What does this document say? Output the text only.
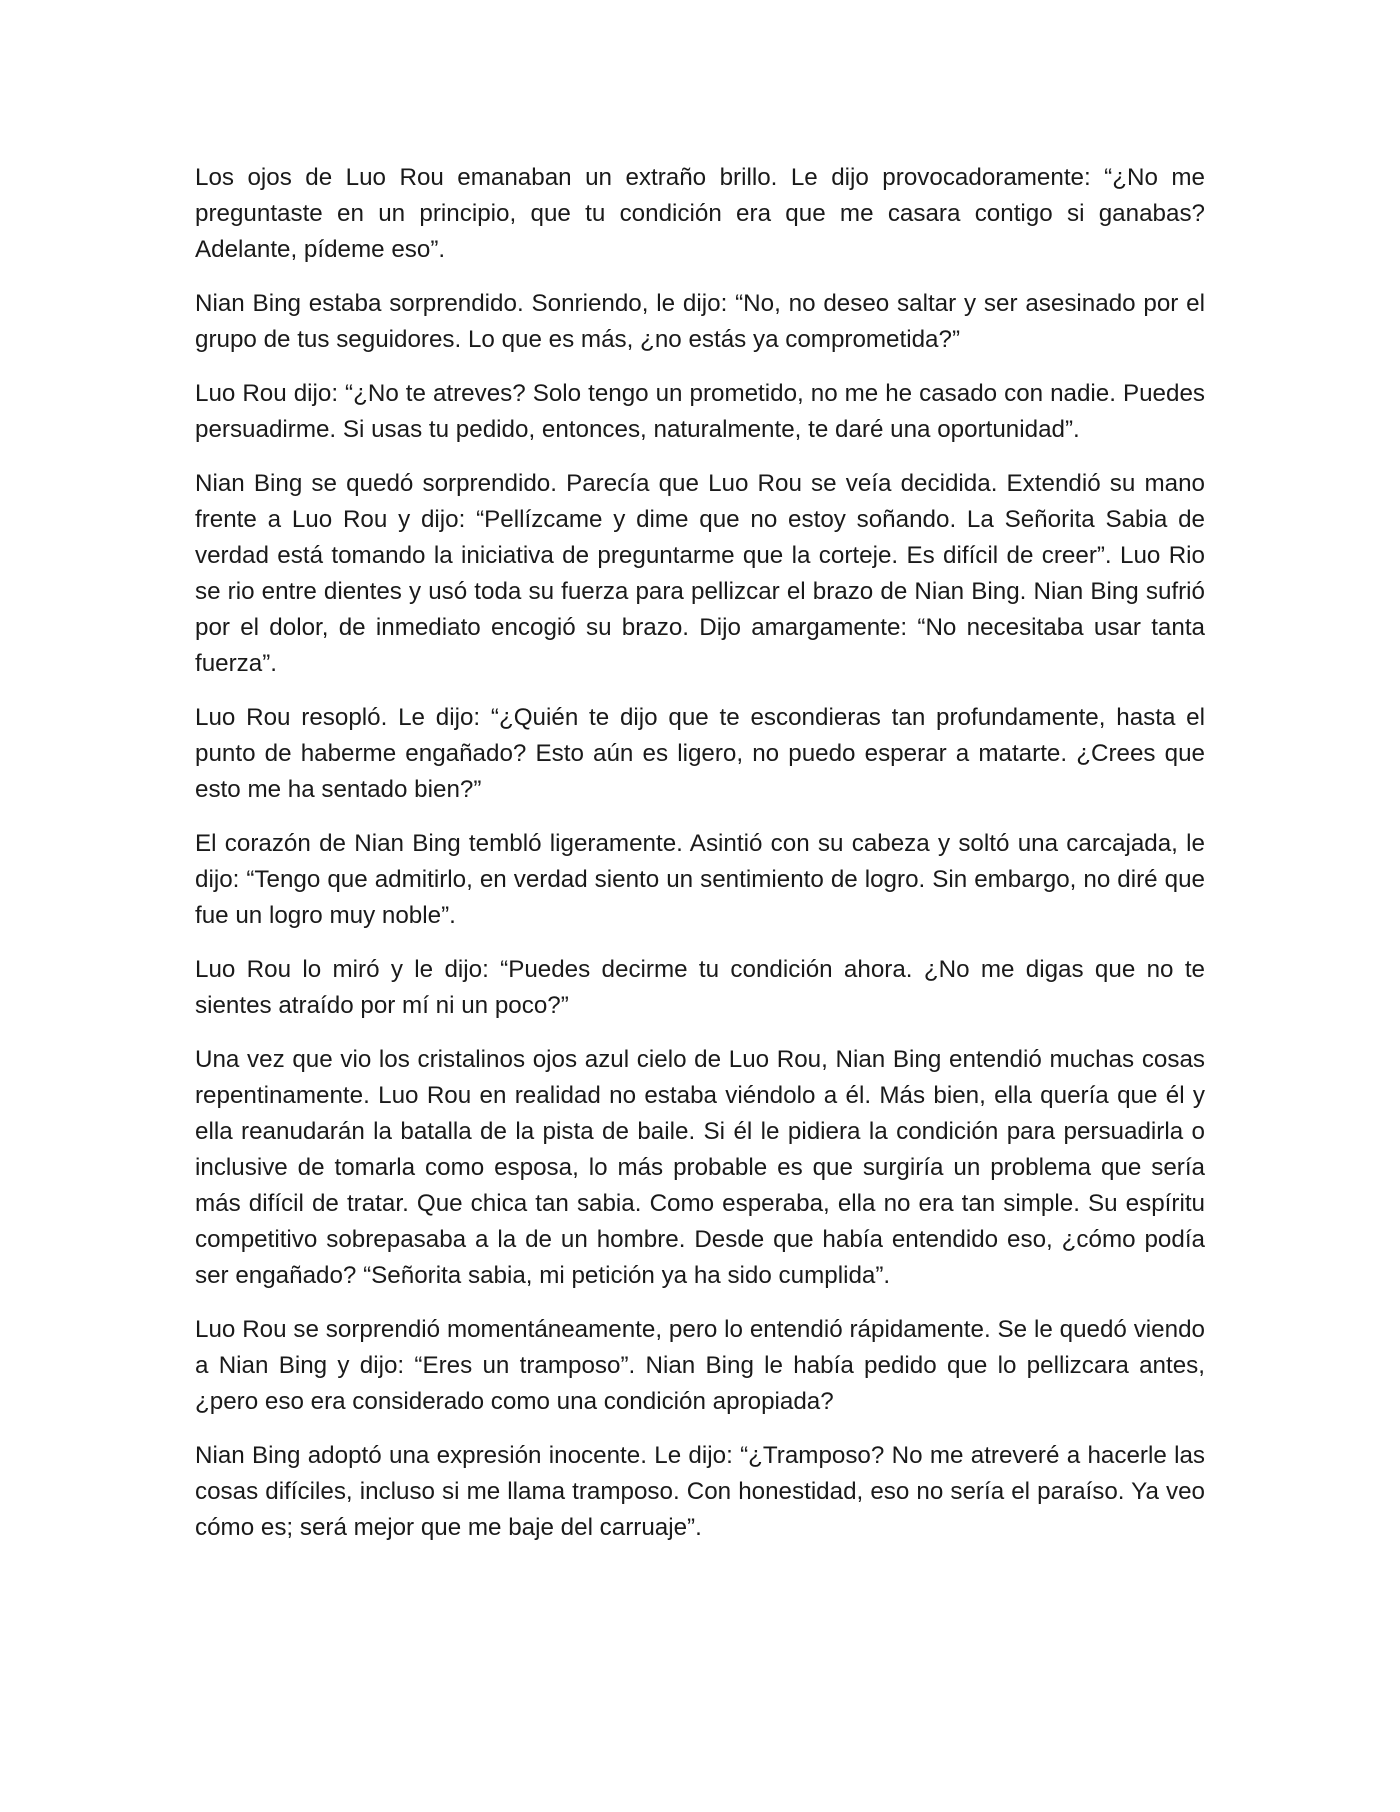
Los ojos de Luo Rou emanaban un extraño brillo. Le dijo provocadoramente: “¿No me preguntaste en un principio, que tu condición era que me casara contigo si ganabas? Adelante, pídeme eso”.

Nian Bing estaba sorprendido. Sonriendo, le dijo: “No, no deseo saltar y ser asesinado por el grupo de tus seguidores. Lo que es más, ¿no estás ya comprometida?”

Luo Rou dijo: “¿No te atreves? Solo tengo un prometido, no me he casado con nadie. Puedes persuadirme. Si usas tu pedido, entonces, naturalmente, te daré una oportunidad”.

Nian Bing se quedó sorprendido. Parecía que Luo Rou se veía decidida. Extendió su mano frente a Luo Rou y dijo: “Pellízcame y dime que no estoy soñando. La Señorita Sabia de verdad está tomando la iniciativa de preguntarme que la corteje. Es difícil de creer”. Luo Rio se rio entre dientes y usó toda su fuerza para pellizcar el brazo de Nian Bing. Nian Bing sufrió por el dolor, de inmediato encogió su brazo. Dijo amargamente: “No necesitaba usar tanta fuerza”.

Luo Rou resopló. Le dijo: “¿Quién te dijo que te escondieras tan profundamente, hasta el punto de haberme engañado? Esto aún es ligero, no puedo esperar a matarte. ¿Crees que esto me ha sentado bien?”

El corazón de Nian Bing tembló ligeramente. Asintió con su cabeza y soltó una carcajada, le dijo: “Tengo que admitirlo, en verdad siento un sentimiento de logro. Sin embargo, no diré que fue un logro muy noble”.

Luo Rou lo miró y le dijo: “Puedes decirme tu condición ahora. ¿No me digas que no te sientes atraído por mí ni un poco?”

Una vez que vio los cristalinos ojos azul cielo de Luo Rou, Nian Bing entendió muchas cosas repentinamente. Luo Rou en realidad no estaba viéndolo a él. Más bien, ella quería que él y ella reanudarán la batalla de la pista de baile. Si él le pidiera la condición para persuadirla o inclusive de tomarla como esposa, lo más probable es que surgiría un problema que sería más difícil de tratar. Que chica tan sabia. Como esperaba, ella no era tan simple. Su espíritu competitivo sobrepasaba a la de un hombre. Desde que había entendido eso, ¿cómo podía ser engañado? “Señorita sabia, mi petición ya ha sido cumplida”.

Luo Rou se sorprendió momentáneamente, pero lo entendió rápidamente. Se le quedó viendo a Nian Bing y dijo: “Eres un tramposo”. Nian Bing le había pedido que lo pellizcara antes, ¿pero eso era considerado como una condición apropiada?

Nian Bing adoptó una expresión inocente. Le dijo: “¿Tramposo? No me atreveré a hacerle las cosas difíciles, incluso si me llama tramposo. Con honestidad, eso no sería el paraíso. Ya veo cómo es; será mejor que me baje del carruaje”.
